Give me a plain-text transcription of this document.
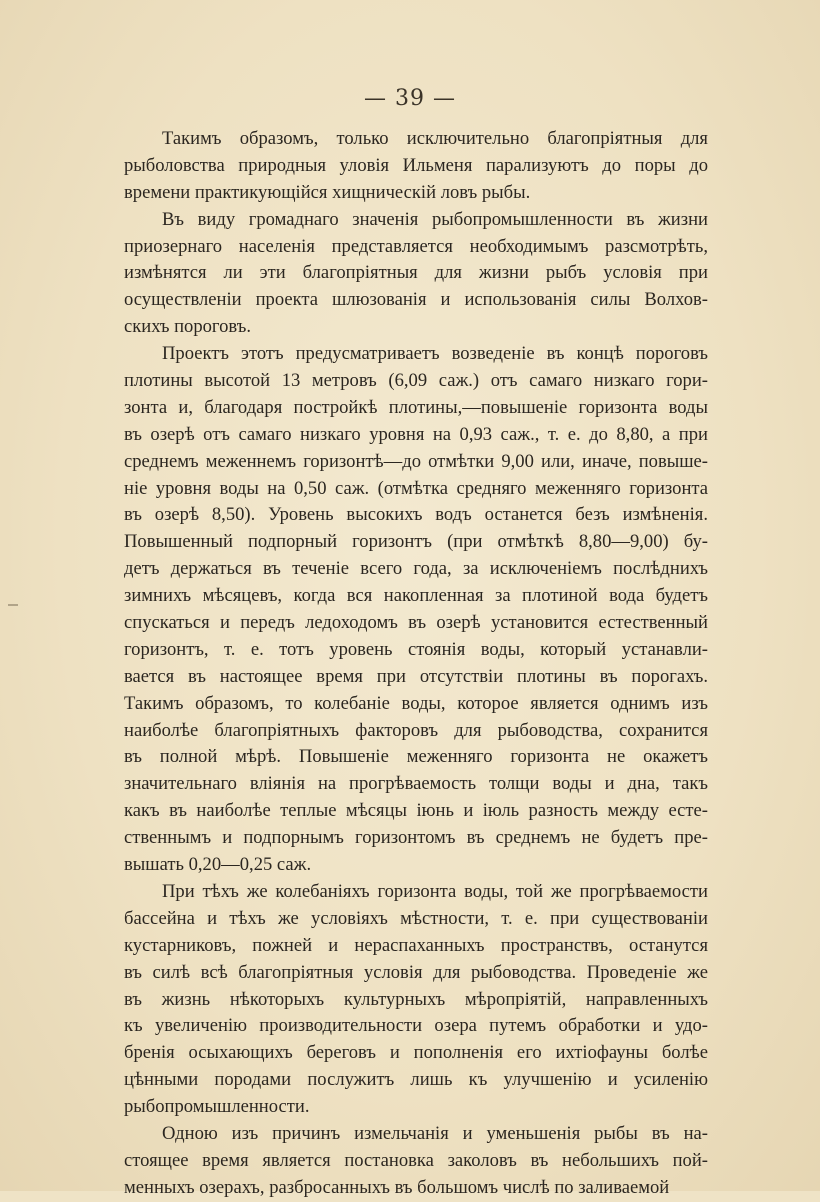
— 39 —
Такимъ образомъ, только исключительно благопріятныя для
рыболовства природныя уловія Ильменя парализуютъ до поры до
времени практикующійся хищническій ловъ рыбы.
Въ виду громаднаго значенія рыбопромышленности въ жизни
приозернаго населенія представляется необходимымъ разсмотрѣть,
измѣнятся ли эти благопріятныя для жизни рыбъ условія при
осуществленіи проекта шлюзованія и использованія силы Волхов-
скихъ пороговъ.
Проектъ этотъ предусматриваетъ возведеніе въ концѣ пороговъ
плотины высотой 13 метровъ (6,09 саж.) отъ самаго низкаго гори-
зонта и, благодаря постройкѣ плотины,—повышеніе горизонта воды
въ озерѣ отъ самаго низкаго уровня на 0,93 саж., т. е. до 8,80, а при
среднемъ меженнемъ горизонтѣ—до отмѣтки 9,00 или, иначе, повыше-
ніе уровня воды на 0,50 саж. (отмѣтка средняго меженняго горизонта
въ озерѣ 8,50). Уровень высокихъ водъ останется безъ измѣненія.
Повышенный подпорный горизонтъ (при отмѣткѣ 8,80—9,00) бу-
детъ держаться въ теченіе всего года, за исключеніемъ послѣднихъ
зимнихъ мѣсяцевъ, когда вся накопленная за плотиной вода будетъ
спускаться и передъ ледоходомъ въ озерѣ установится естественный
горизонтъ, т. е. тотъ уровень стоянія воды, который устанавли-
вается въ настоящее время при отсутствіи плотины въ порогахъ.
Такимъ образомъ, то колебаніе воды, которое является однимъ изъ
наиболѣе благопріятныхъ факторовъ для рыбоводства, сохранится
въ полной мѣрѣ. Повышеніе меженняго горизонта не окажетъ
значительнаго вліянія на прогрѣваемость толщи воды и дна, такъ
какъ въ наиболѣе теплые мѣсяцы іюнь и іюль разность между есте-
ственнымъ и подпорнымъ горизонтомъ въ среднемъ не будетъ пре-
вышать 0,20—0,25 саж.
При тѣхъ же колебаніяхъ горизонта воды, той же прогрѣваемости
бассейна и тѣхъ же условіяхъ мѣстности, т. е. при существованіи
кустарниковъ, пожней и нераспаханныхъ пространствъ, останутся
въ силѣ всѣ благопріятныя условія для рыбоводства. Проведеніе же
въ жизнь нѣкоторыхъ культурныхъ мѣропріятій, направленныхъ
къ увеличенію производительности озера путемъ обработки и удо-
бренія осыхающихъ береговъ и пополненія его ихтіофауны болѣе
цѣнными породами послужитъ лишь къ улучшенію и усиленію
рыбопромышленности.
Одною изъ причинъ измельчанія и уменьшенія рыбы въ на-
стоящее время является постановка заколовъ въ небольшихъ пой-
менныхъ озерахъ, разбросанныхъ въ большомъ числѣ по заливаемой
